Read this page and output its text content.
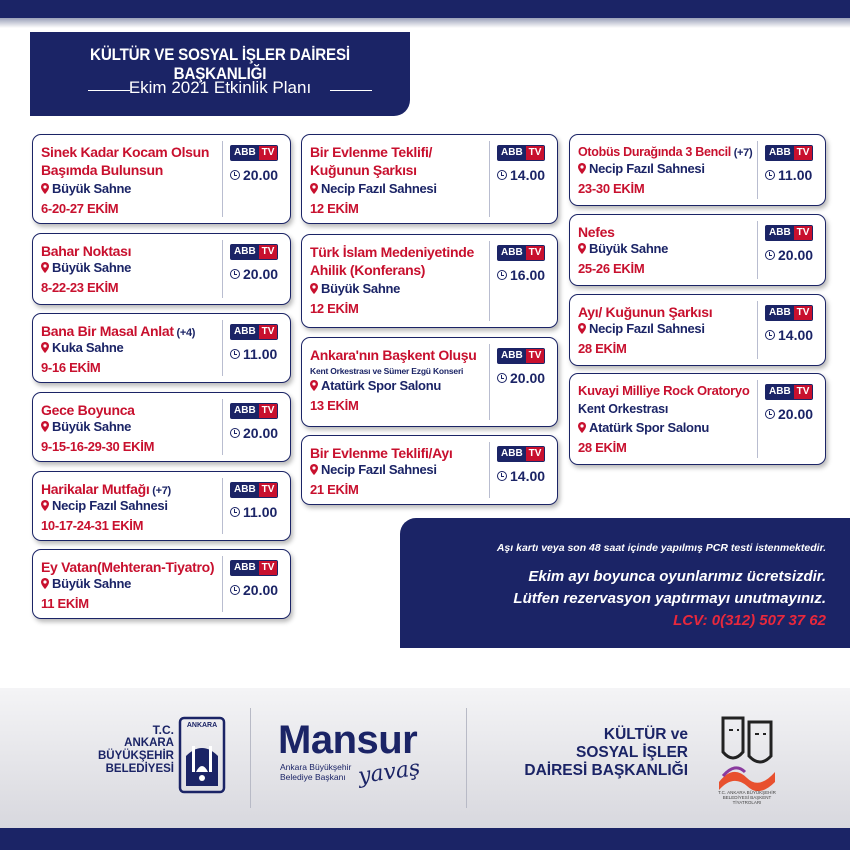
KÜLTÜR VE SOSYAL İŞLER DAİRESİ BAŞKANLIĞI
Ekim 2021 Etkinlik Planı
Sinek Kadar Kocam Olsun
Başımda Bulunsun
Büyük Sahne
6-20-27 EKİM
ABB TV
20.00
Bahar Noktası
Büyük Sahne
8-22-23 EKİM
ABB TV
20.00
Bana Bir Masal Anlat (+4)
Kuka Sahne
9-16 EKİM
ABB TV
11.00
Gece Boyunca
Büyük Sahne
9-15-16-29-30 EKİM
ABB TV
20.00
Harikalar Mutfağı (+7)
Necip Fazıl Sahnesi
10-17-24-31 EKİM
ABB TV
11.00
Ey Vatan(Mehteran-Tiyatro)
Büyük Sahne
11 EKİM
ABB TV
20.00
Bir Evlenme Teklifi/
Kuğunun Şarkısı
Necip Fazıl Sahnesi
12 EKİM
ABB TV
14.00
Türk İslam Medeniyetinde
Ahilik (Konferans)
Büyük Sahne
12 EKİM
ABB TV
16.00
Ankara'nın Başkent Oluşu
Kent Orkestrası ve Sümer Ezgü Konseri
Atatürk Spor Salonu
13 EKİM
ABB TV
20.00
Bir Evlenme Teklifi/Ayı
Necip Fazıl Sahnesi
21 EKİM
ABB TV
14.00
Otobüs Durağında 3 Bencil (+7)
Necip Fazıl Sahnesi
23-30 EKİM
ABB TV
11.00
Nefes
Büyük Sahne
25-26 EKİM
ABB TV
20.00
Ayı/ Kuğunun Şarkısı
Necip Fazıl Sahnesi
28 EKİM
ABB TV
14.00
Kuvayi Milliye Rock Oratoryo
Kent Orkestrası
Atatürk Spor Salonu
28 EKİM
ABB TV
20.00
Aşı kartı veya son 48 saat içinde yapılmış PCR testi istenmektedir.
Ekim ayı boyunca oyunlarımız ücretsizdir.
Lütfen rezervasyon yaptırmayı unutmayınız.
LCV: 0(312) 507 37 62
T.C.
ANKARA
BÜYÜKŞEHİR
BELEDİYESİ
ANKARA Mansur
Ankara Büyükşehir
Belediye Başkanı yavaş
KÜLTÜR ve
SOSYAL İŞLER
DAİRESİ BAŞKANLIĞI
T.C. ANKARA BÜYÜKŞEHİR BELEDİYESİ BAŞKENT TİYATROLARI
